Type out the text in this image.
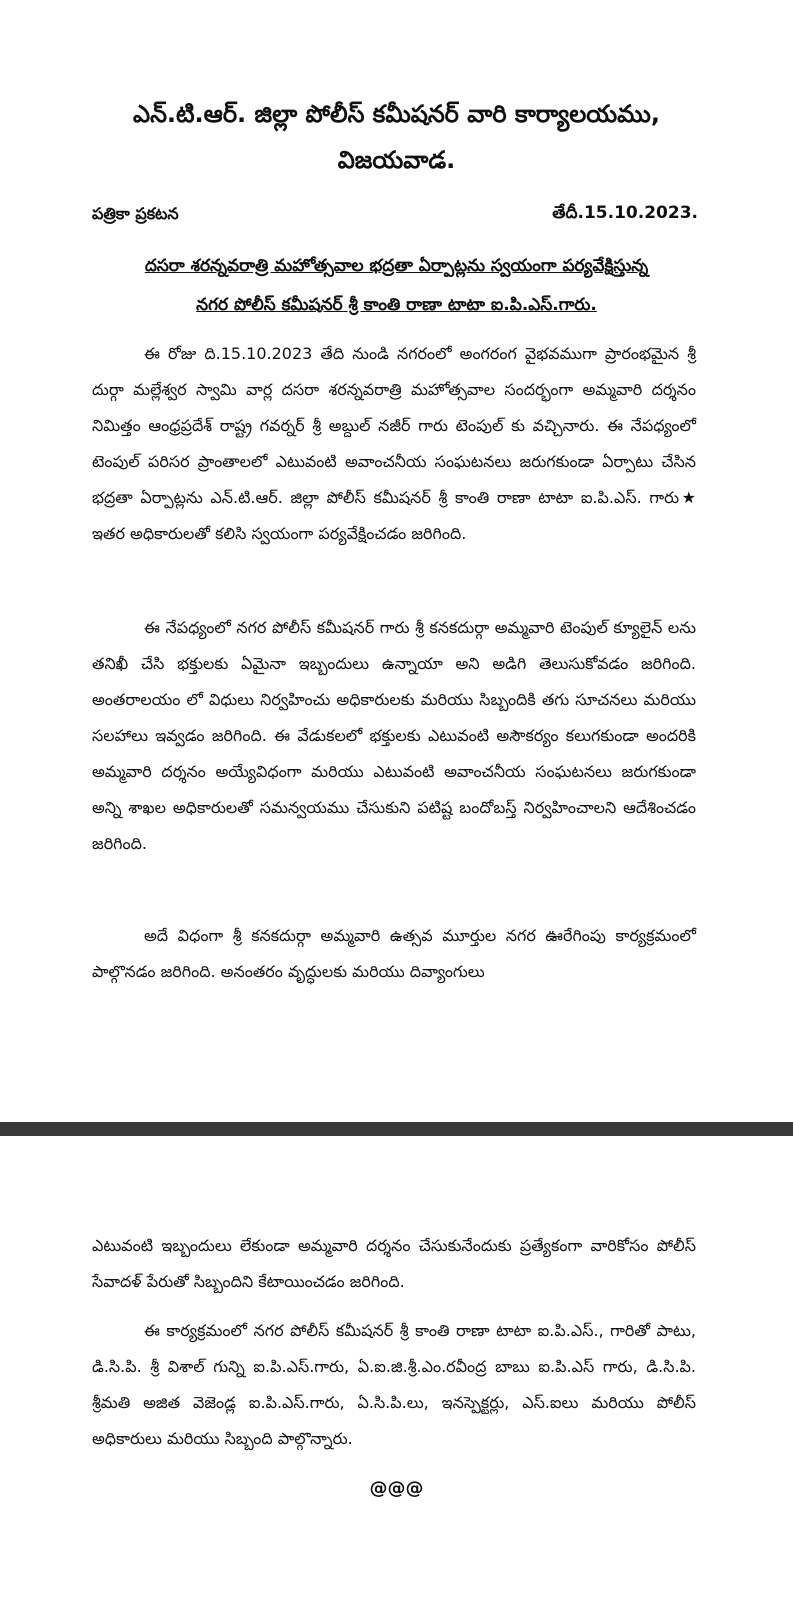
ఎన్.టి.ఆర్. జిల్లా పోలీస్ కమీషనర్ వారి కార్యాలయము,
విజయవాడ.
పత్రికా ప్రకటన	తేదీ.15.10.2023.

దసరా శరన్నవరాత్రి మహోత్సవాల భద్రతా ఏర్పాట్లను స్వయంగా పర్యవేక్షిస్తున్న

నగర పోలీస్ కమీషనర్ శ్రీ కాంతి రాణా టాటా ఐ.పి.ఎస్.గారు.

ఈ రోజు ది.15.10.2023 తేది నుండి నగరంలో అంగరంగ వైభవముగా ప్రారంభమైన శ్రీ దుర్గా మల్లేశ్వర స్వామి వార్ల దసరా శరన్నవరాత్రి మహోత్సవాల సందర్భంగా అమ్మవారి దర్శనం నిమిత్తం ఆంధ్రప్రదేశ్ రాష్ట్ర గవర్నర్ శ్రీ అబ్దుల్ నజీర్ గారు టెంపుల్ కు వచ్చినారు. ఈ నేపధ్యంలో టెంపుల్ పరిసర ప్రాంతాలలో ఎటువంటి అవాంచనీయ సంఘటనలు జరుగకుండా ఏర్పాటు చేసిన భద్రతా ఏర్పాట్లను ఎన్.టి.ఆర్. జిల్లా పోలీస్ కమీషనర్ శ్రీ కాంతి రాణా టాటా ఐ.పి.ఎస్. గారు★ ఇతర అధికారులతో కలిసి స్వయంగా పర్యవేక్షించడం జరిగింది.

ఈ నేపధ్యంలో నగర పోలీస్ కమీషనర్ గారు శ్రీ కనకదుర్గా అమ్మవారి టెంపుల్ క్యూలైన్ లను తనిఖీ చేసి భక్తులకు ఏమైనా ఇబ్బందులు ఉన్నాయా అని అడిగి తెలుసుకోవడం జరిగింది. అంతరాలయం లో విధులు నిర్వహించు అధికారులకు మరియు సిబ్బందికి తగు సూచనలు మరియు సలహాలు ఇవ్వడం జరిగింది. ఈ వేడుకలలో భక్తులకు ఎటువంటి అసౌకర్యం కలుగకుండా అందరికి అమ్మవారి దర్శనం అయ్యేవిధంగా మరియు ఎటువంటి అవాంచనీయ సంఘటనలు జరుగకుండా అన్ని శాఖల అధికారులతో సమన్వయము చేసుకుని పటిష్ట బందోబస్త్ నిర్వహించాలని ఆదేశించడం జరిగింది.

అదే విధంగా శ్రీ కనకదుర్గా అమ్మవారి ఉత్సవ మూర్తుల నగర ఊరేగింపు కార్యక్రమంలో పాల్గొనడం జరిగింది. అనంతరం వృద్ధులకు మరియు దివ్యాంగులు

ఎటువంటి ఇబ్బందులు లేకుండా అమ్మవారి దర్శనం చేసుకునేందుకు ప్రత్యేకంగా వారికోసం పోలీస్ సేవాదళ్ పేరుతో సిబ్బందిని కేటాయించడం జరిగింది.

ఈ కార్యక్రమంలో నగర పోలీస్ కమీషనర్ శ్రీ కాంతి రాణా టాటా ఐ.పి.ఎస్., గారితో పాటు, డి.సి.పి. శ్రీ విశాల్ గున్ని ఐ.పి.ఎస్.గారు, ఏ.ఐ.జి.శ్రీ.ఎం.రవీంద్ర బాబు ఐ.పి.ఎస్ గారు, డి.సి.పి. శ్రీమతి అజిత వెజెండ్ల ఐ.పి.ఎస్.గారు, ఏ.సి.పి.లు, ఇనస్పెక్టర్లు, ఎస్.ఐలు మరియు పోలీస్ అధికారులు మరియు సిబ్బంది పాల్గొన్నారు.

@@@
